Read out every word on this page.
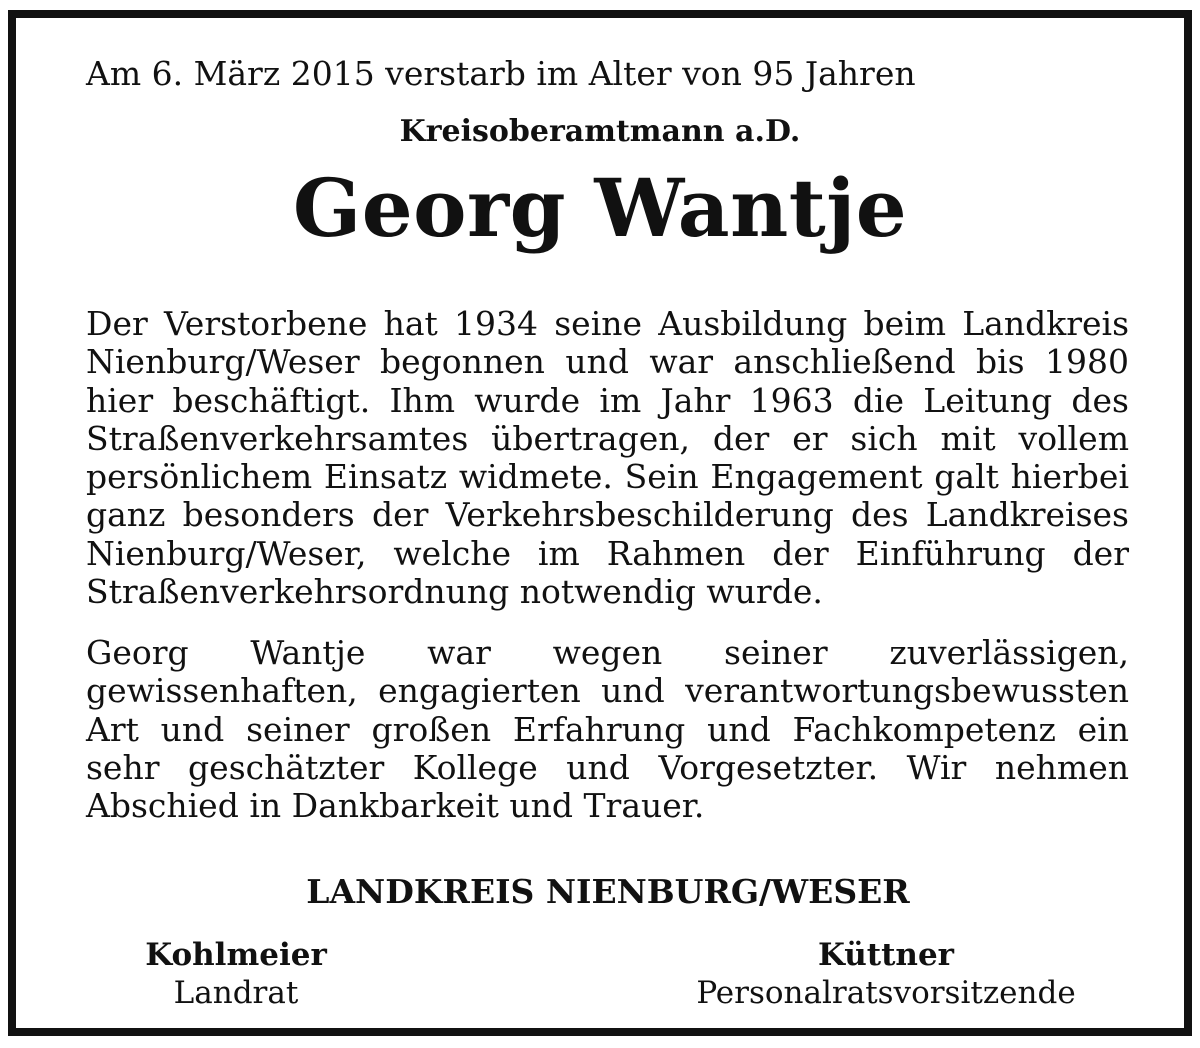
Am 6. März 2015 verstarb im Alter von 95 Jahren
Kreisoberamtmann a.D.
Georg Wantje
Der Verstorbene hat 1934 seine Ausbildung beim Landkreis Nienburg/Weser begonnen und war anschließend bis 1980 hier beschäftigt. Ihm wurde im Jahr 1963 die Leitung des Straßenverkehrsamtes übertragen, der er sich mit vollem persönlichem Einsatz widmete. Sein Engagement galt hierbei ganz besonders der Verkehrsbeschilderung des Landkreises Nienburg/Weser, welche im Rahmen der Einführung der Straßenverkehrsordnung notwendig wurde.
Georg Wantje war wegen seiner zuverlässigen, gewissenhaften, engagierten und verantwortungsbewussten Art und seiner großen Erfahrung und Fachkompetenz ein sehr geschätzter Kollege und Vorgesetzter. Wir nehmen Abschied in Dankbarkeit und Trauer.
LANDKREIS NIENBURG/WESER
Kohlmeier
Landrat
Küttner
Personalratsvorsitzende
